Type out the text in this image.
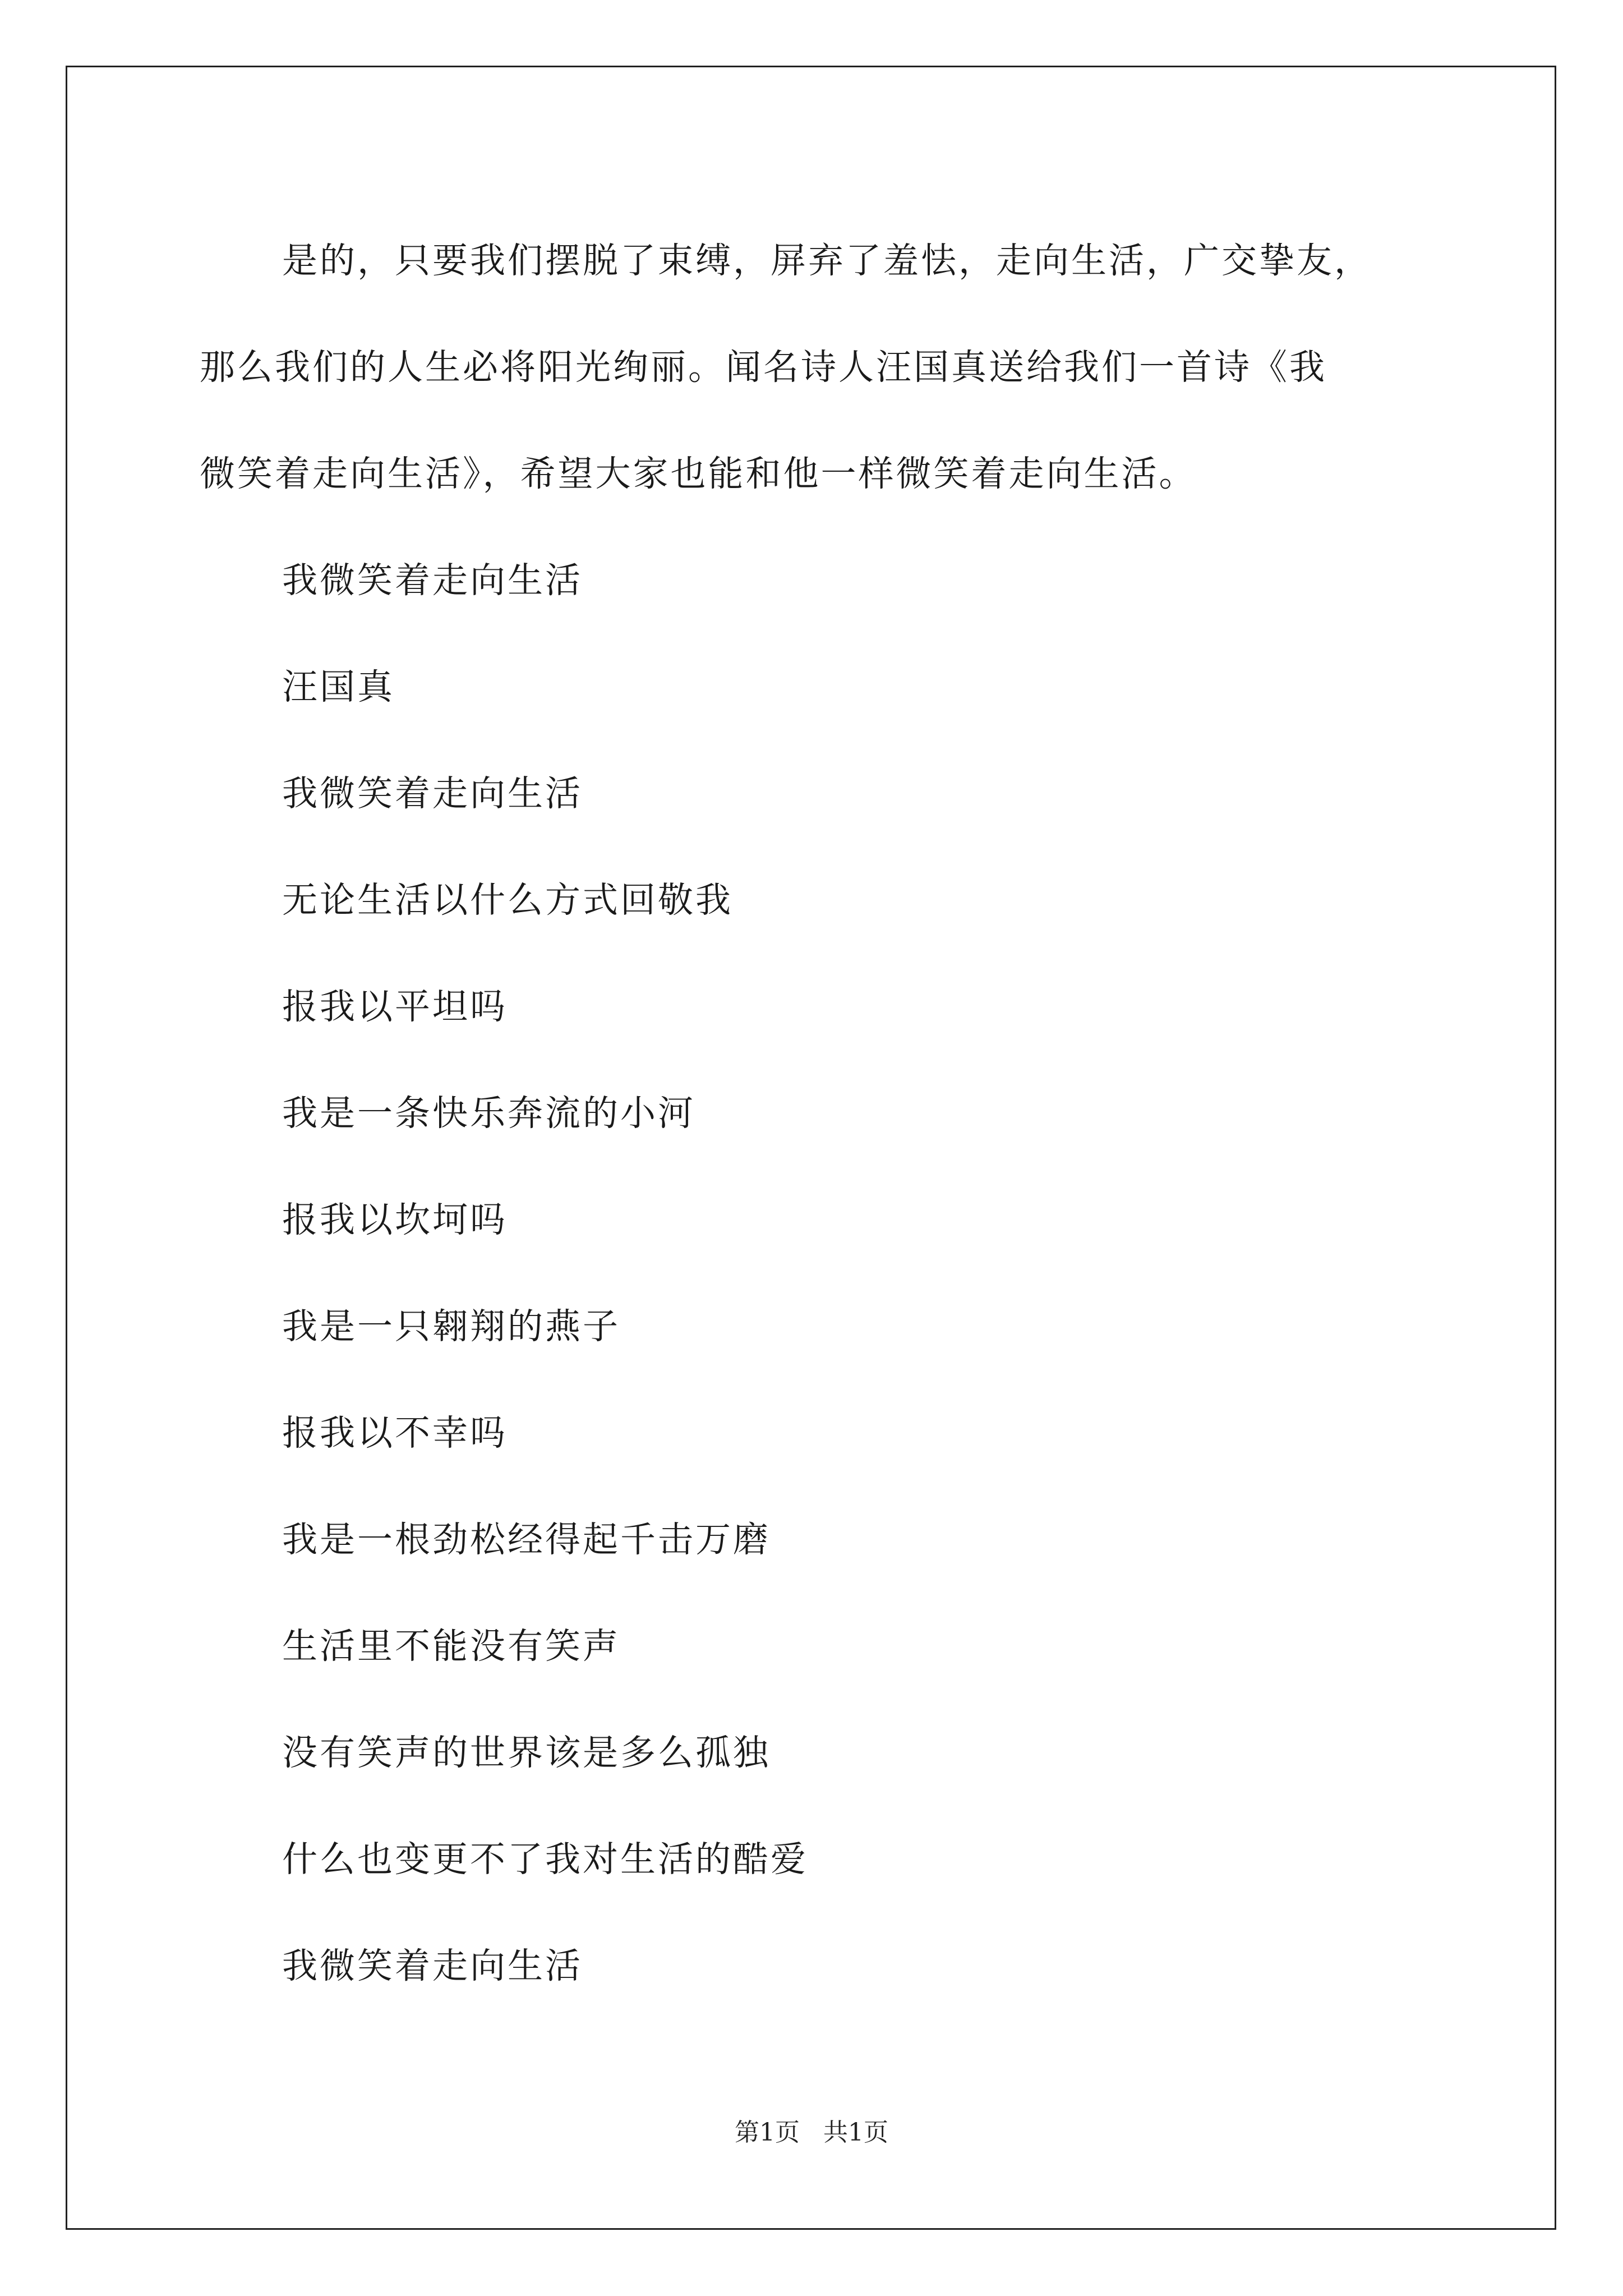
是的，只要我们摆脱了束缚，屏弃了羞怯，走向生活，广交挚友，
那么我们的人生必将阳光绚丽。闻名诗人汪国真送给我们一首诗《我
微笑着走向生活》，希望大家也能和他一样微笑着走向生活。

我微笑着走向生活

汪国真

我微笑着走向生活

无论生活以什么方式回敬我

报我以平坦吗

我是一条快乐奔流的小河

报我以坎坷吗

我是一只翱翔的燕子

报我以不幸吗

我是一根劲松经得起千击万磨

生活里不能没有笑声

没有笑声的世界该是多么孤独

什么也变更不了我对生活的酷爱

我微笑着走向生活

第1页 共1页
